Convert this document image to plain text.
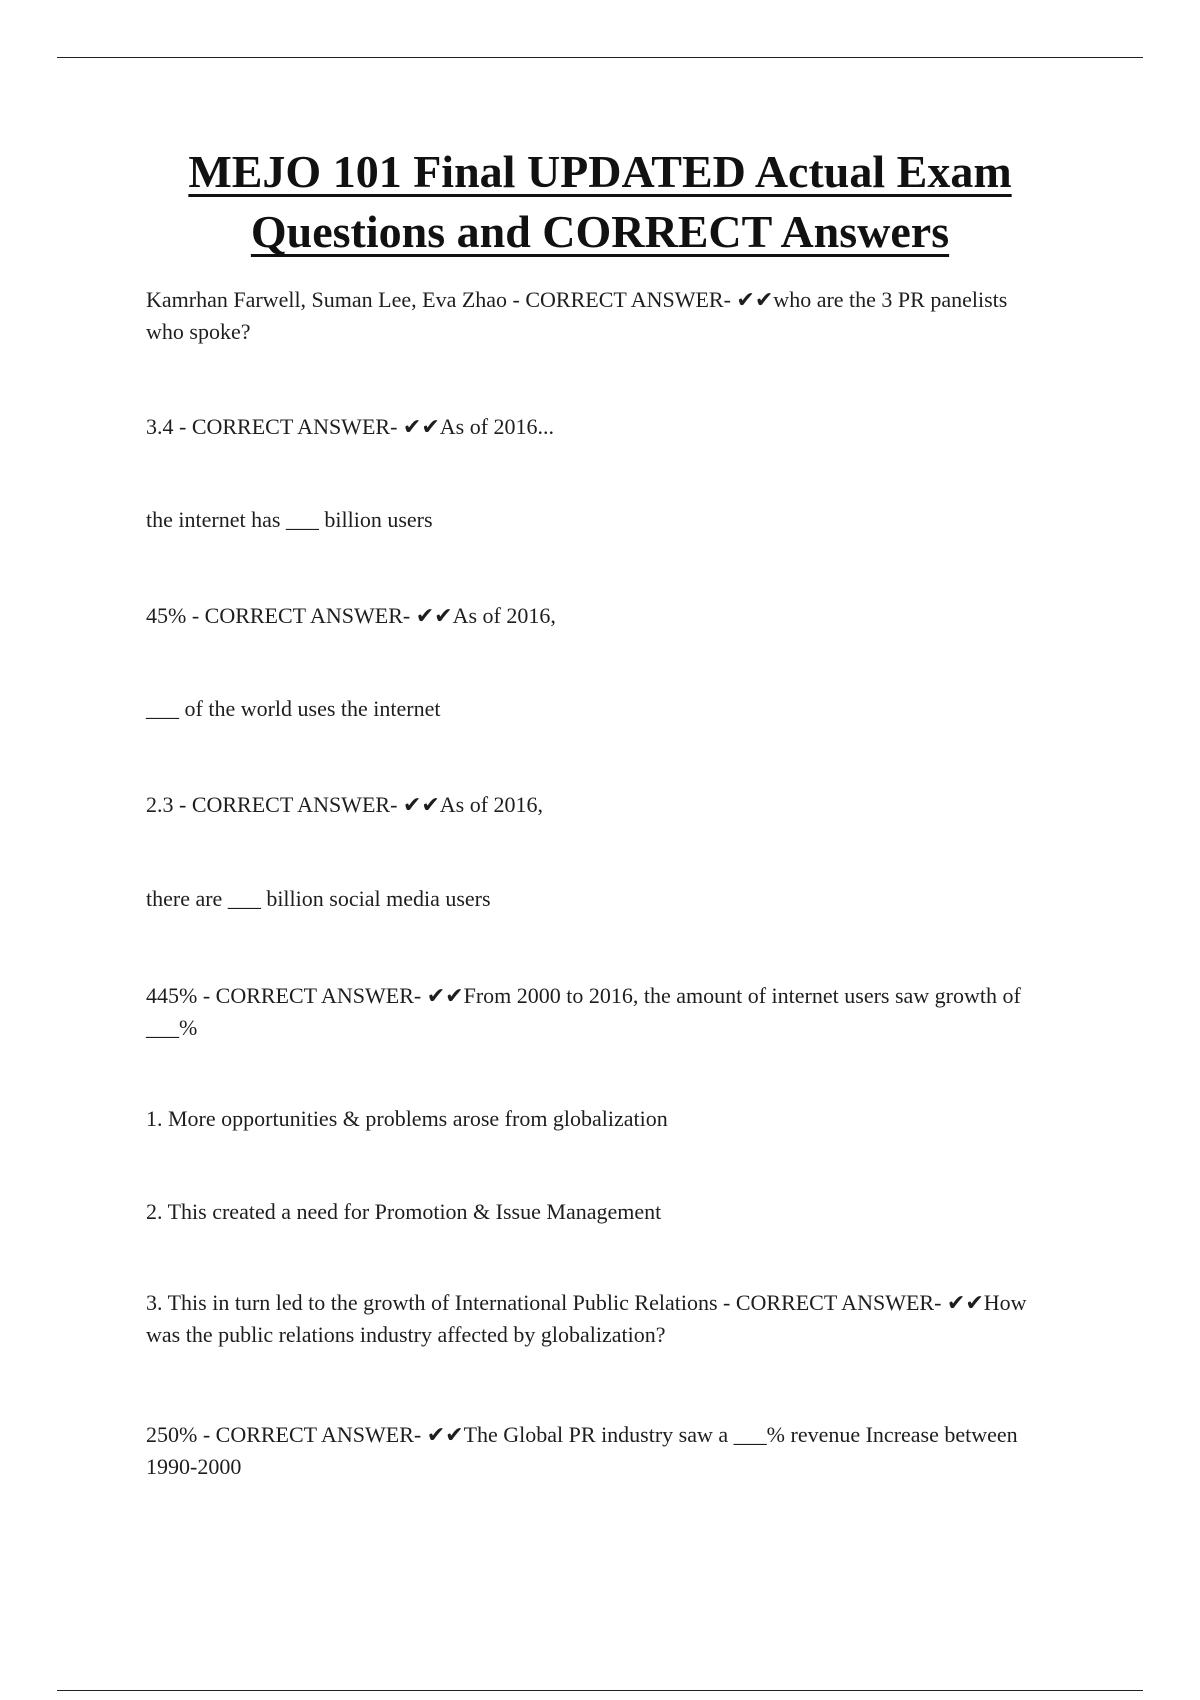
MEJO 101 Final UPDATED Actual Exam
Questions and CORRECT Answers

Kamrhan Farwell, Suman Lee, Eva Zhao - CORRECT ANSWER- ✔✔who are the 3 PR panelists who spoke?

3.4 - CORRECT ANSWER- ✔✔As of 2016...

the internet has ___ billion users

45% - CORRECT ANSWER- ✔✔As of 2016,

___ of the world uses the internet

2.3 - CORRECT ANSWER- ✔✔As of 2016,

there are ___ billion social media users

445% - CORRECT ANSWER- ✔✔From 2000 to 2016, the amount of internet users saw growth of ___%

1. More opportunities & problems arose from globalization

2. This created a need for Promotion & Issue Management

3. This in turn led to the growth of International Public Relations - CORRECT ANSWER- ✔✔How was the public relations industry affected by globalization?

250% - CORRECT ANSWER- ✔✔The Global PR industry saw a ___% revenue Increase between 1990-2000
